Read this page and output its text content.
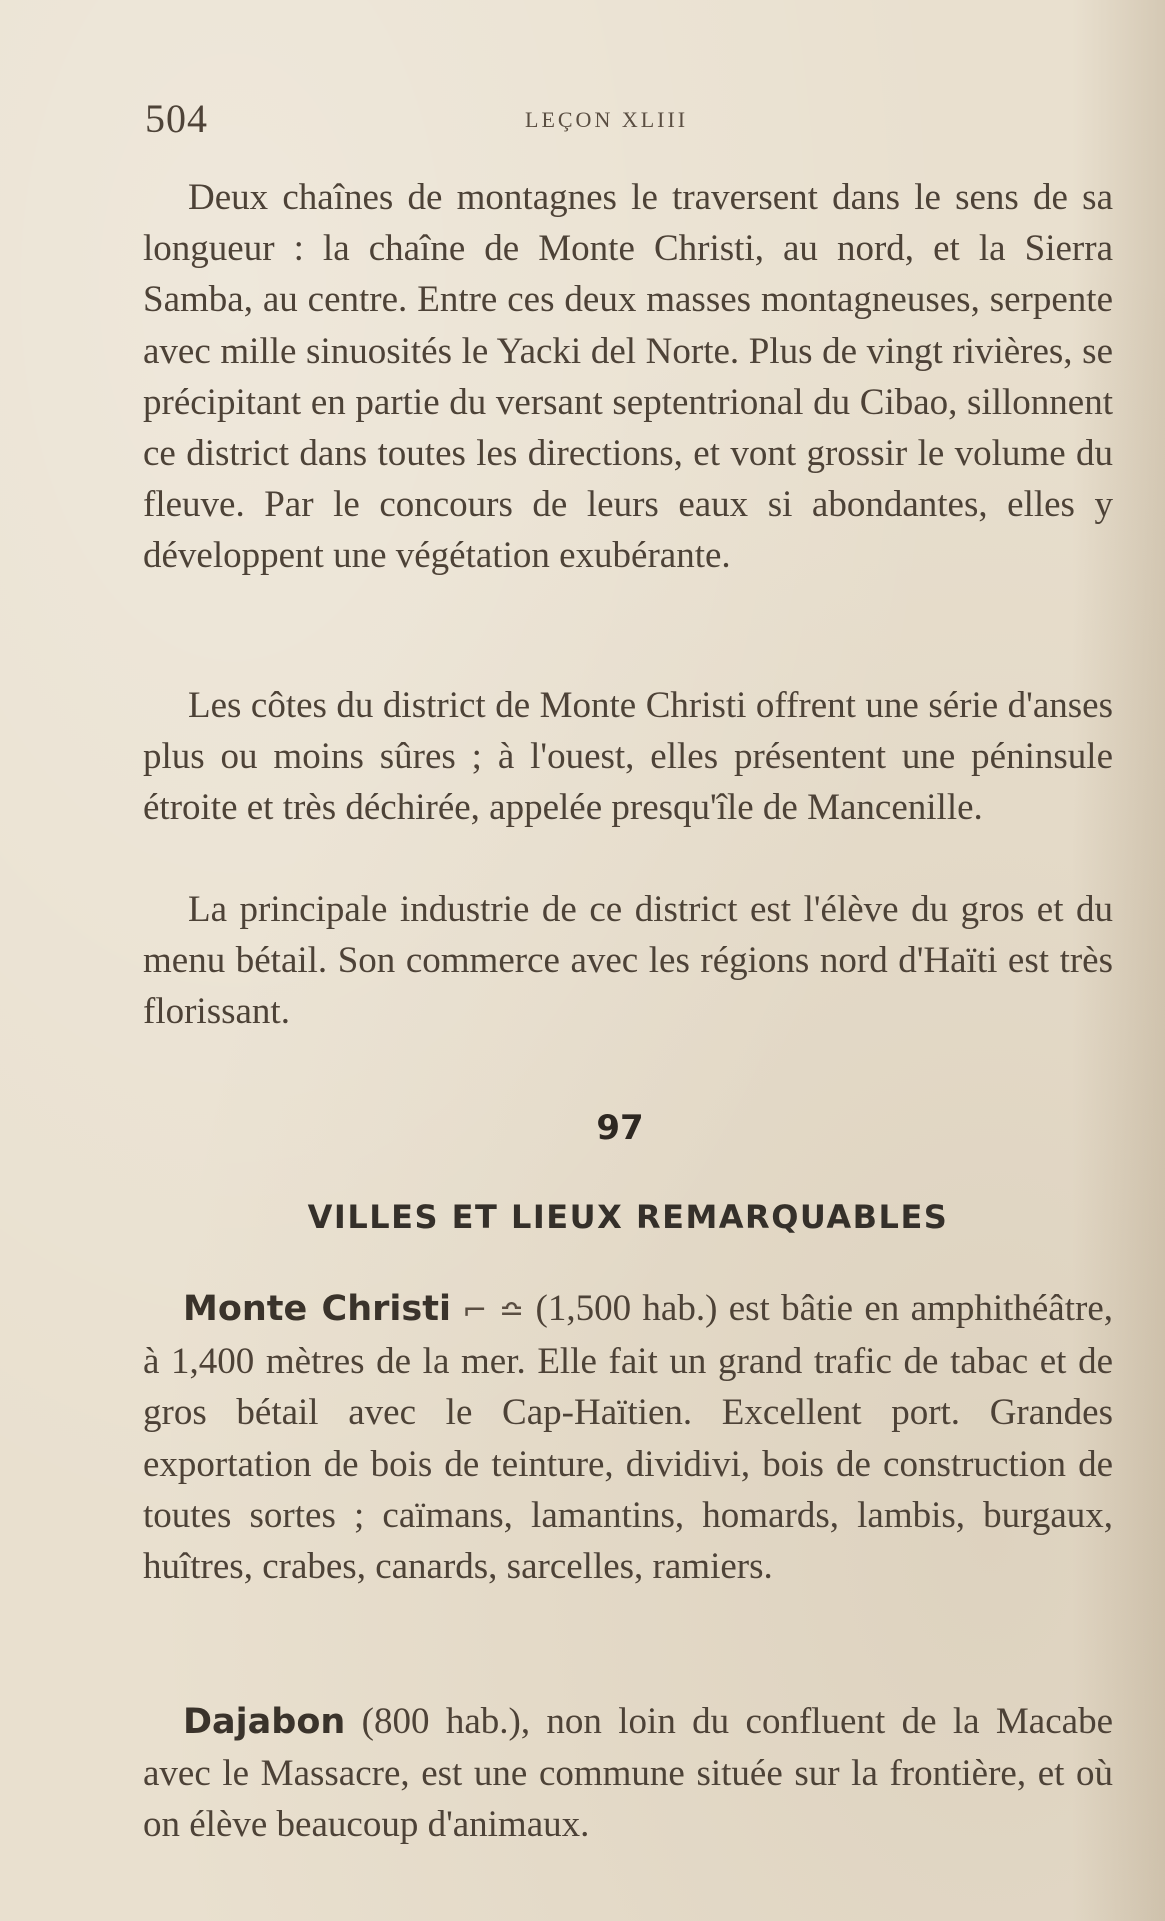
504	LEÇON XLIII

Deux chaînes de montagnes le traversent dans le sens de sa longueur : la chaîne de Monte Christi, au nord, et la Sierra Samba, au centre. Entre ces deux masses montagneuses, serpente avec mille sinuosités le Yacki del Norte. Plus de vingt rivières, se précipitant en partie du versant septentrional du Cibao, sillonnent ce district dans toutes les directions, et vont grossir le volume du fleuve. Par le concours de leurs eaux si abondantes, elles y développent une végétation exubérante.

Les côtes du district de Monte Christi offrent une série d'anses plus ou moins sûres ; à l'ouest, elles présentent une péninsule étroite et très déchirée, appelée presqu'île de Mancenille.

La principale industrie de ce district est l'élève du gros et du menu bétail. Son commerce avec les régions nord d'Haïti est très florissant.

97
VILLES ET LIEUX REMARQUABLES

Monte Christi ⌐ ≏ (1,500 hab.) est bâtie en amphithéâtre, à 1,400 mètres de la mer. Elle fait un grand trafic de tabac et de gros bétail avec le Cap-Haïtien. Excellent port. Grandes exportation de bois de teinture, dividivi, bois de construction de toutes sortes ; caïmans, lamantins, homards, lambis, burgaux, huîtres, crabes, canards, sarcelles, ramiers.

Dajabon (800 hab.), non loin du confluent de la Macabe avec le Massacre, est une commune située sur la frontière, et où on élève beaucoup d'animaux.
